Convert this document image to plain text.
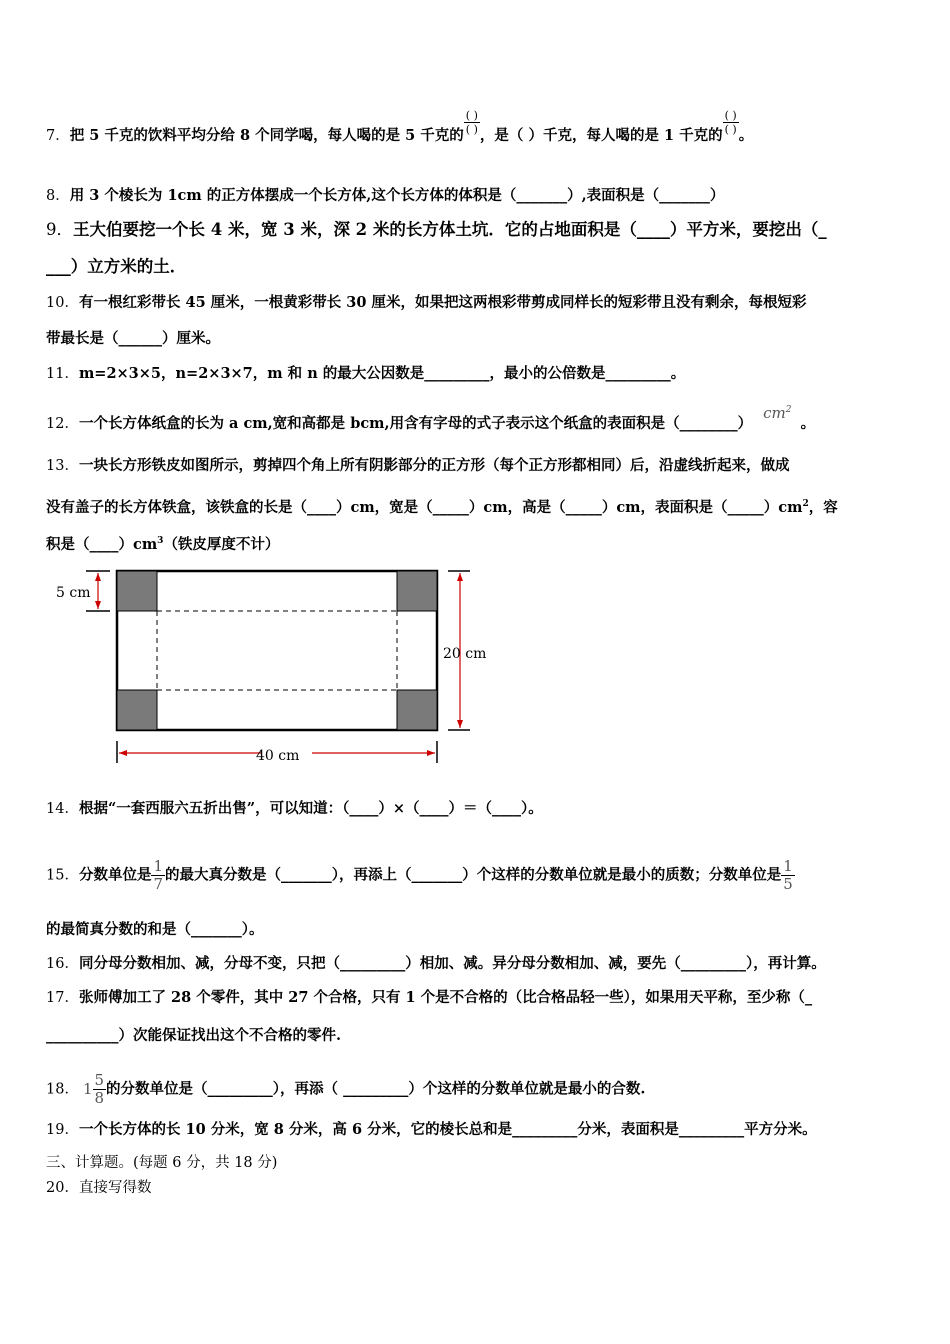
7．把 5 千克的饮料平均分给 8 个同学喝，每人喝的是 5 千克的 $\frac{( )}{( )}$ ，是（ ）千克，每人喝的是 1 千克的 $\frac{( )}{( )}$ 。
8．用 3 个棱长为 1cm 的正方体摆成一个长方体,这个长方体的体积是（_______）,表面积是（_______）
9．王大伯要挖一个长 4 米，宽 3 米，深 2 米的长方体土坑．它的占地面积是（____）平方米，要挖出（_
___）立方米的土．
10．有一根红彩带长 45 厘米，一根黄彩带长 30 厘米，如果把这两根彩带剪成同样长的短彩带且没有剩余，每根短彩
带最长是（______）厘米。
11．m=2×3×5，n=2×3×7，m 和 n 的最大公因数是_________，最小的公倍数是_________。
12．一个长方体纸盒的长为 a cm,宽和高都是 bcm,用含有字母的式子表示这个纸盒的表面积是（________） $cm^2$ 。
13．一块长方形铁皮如图所示，剪掉四个角上所有阴影部分的正方形（每个正方形都相同）后，沿虚线折起来，做成
没有盖子的长方体铁盒，该铁盒的长是（____）cm，宽是（_____）cm，高是（_____）cm，表面积是$(\_\_\_\_\_)cm^2$，容
积是$(\_\_\_\_)cm^3$（铁皮厚度不计）
5 cm
20 cm
40 cm
14．根据“一套西服六五折出售”，可以知道：（____）×（____）＝（____）。
15．分数单位是 $\frac{1}{7}$ 的最大真分数是（_______），再添上（_______）个这样的分数单位就是最小的质数；分数单位是 $\frac{1}{5}$
的最简真分数的和是（_______）。
16．同分母分数相加、减，分母不变，只把（_________）相加、减。异分母分数相加、减，要先（_________），再计算。
17．张师傅加工了 28 个零件，其中 27 个合格，只有 1 个是不合格的（比合格品轻一些），如果用天平称，至少称（_
__________）次能保证找出这个不合格的零件.
18． $1 \frac{5}{8}$ 的分数单位是（_________），再添（ _________）个这样的分数单位就是最小的合数.
19．一个长方体的长 10 分米，宽 8 分米，高 6 分米，它的棱长总和是_________分米，表面积是_________平方分米。
三、计算题。(每题 6 分，共 18 分)
20．直接写得数
